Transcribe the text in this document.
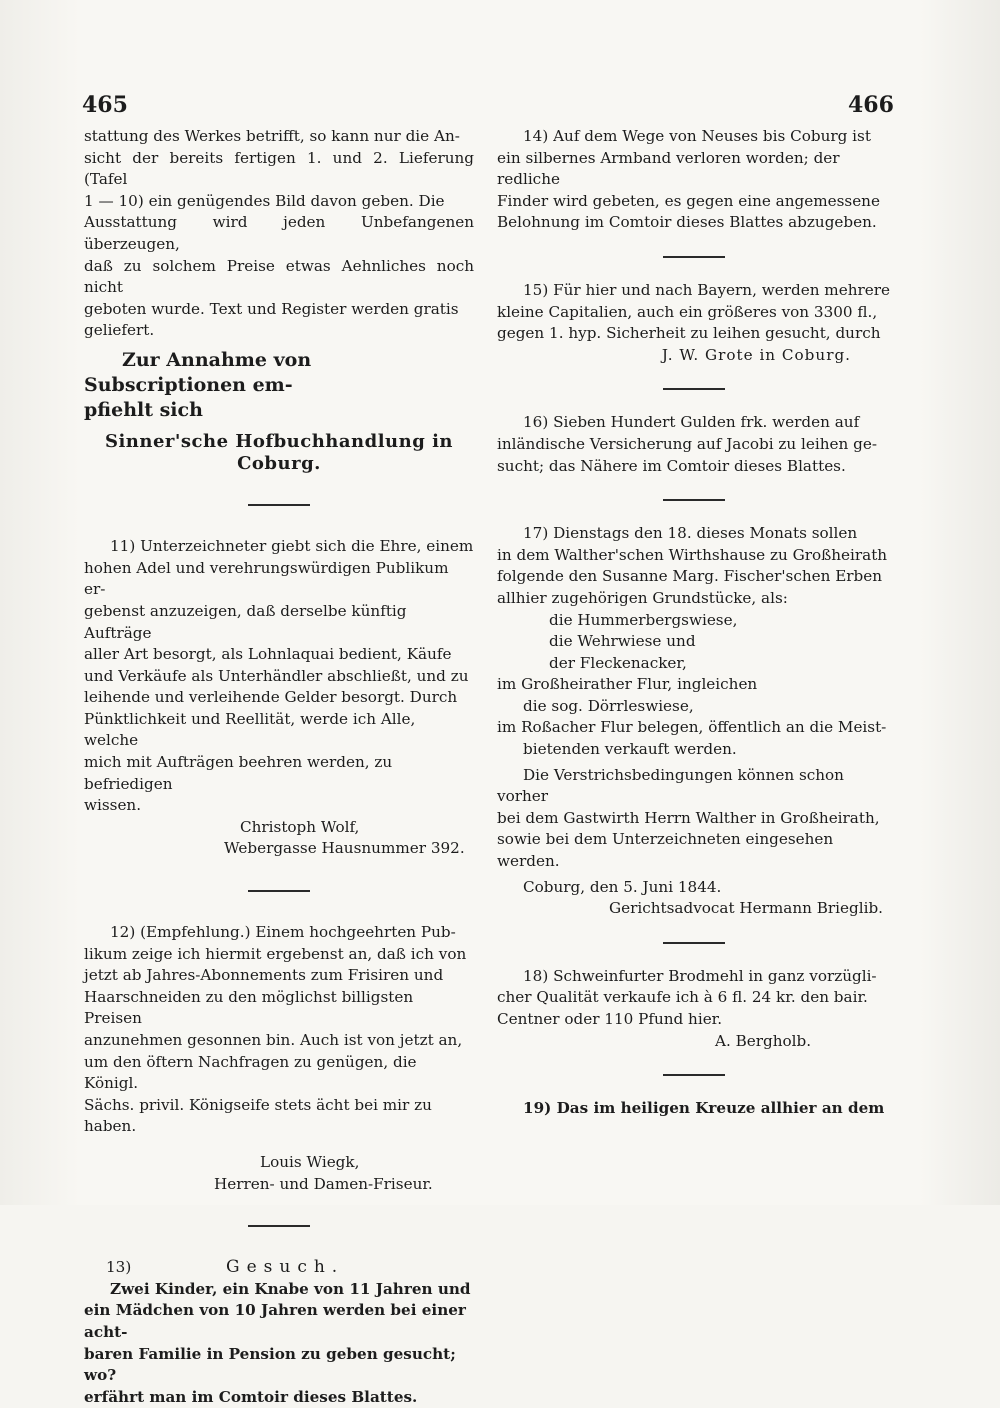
465	466
stattung des Werkes betrifft, so kann nur die An-
sicht der bereits fertigen 1. und 2. Lieferung (Tafel
1 — 10) ein genügendes Bild davon geben. Die
Ausstattung wird jeden Unbefangenen überzeugen,
daß zu solchem Preise etwas Aehnliches noch nicht
geboten wurde. Text und Register werden gratis
geliefert.
Zur Annahme von Subscriptionen em-
pfiehlt sich
Sinner'sche Hofbuchhandlung in Coburg.
11) Unterzeichneter giebt sich die Ehre, einem
hohen Adel und verehrungswürdigen Publikum er-
gebenst anzuzeigen, daß derselbe künftig Aufträge
aller Art besorgt, als Lohnlaquai bedient, Käufe
und Verkäufe als Unterhändler abschließt, und zu
leihende und verleihende Gelder besorgt. Durch
Pünktlichkeit und Reellität, werde ich Alle, welche
mich mit Aufträgen beehren werden, zu befriedigen
wissen.
Christoph Wolf,
Webergasse Hausnummer 392.
12) (Empfehlung.) Einem hochgeehrten Pub-
likum zeige ich hiermit ergebenst an, daß ich von
jetzt ab Jahres-Abonnements zum Frisiren und
Haarschneiden zu den möglichst billigsten Preisen
anzunehmen gesonnen bin. Auch ist von jetzt an,
um den öftern Nachfragen zu genügen, die Königl.
Sächs. privil. Königseife stets ächt bei mir zu
haben.
Louis Wiegk,
Herren- und Damen-Friseur.
13)	Gesuch.
Zwei Kinder, ein Knabe von 11 Jahren und
ein Mädchen von 10 Jahren werden bei einer acht-
baren Familie in Pension zu geben gesucht; wo?
erfährt man im Comtoir dieses Blattes.
14) Auf dem Wege von Neuses bis Coburg ist
ein silbernes Armband verloren worden; der redliche
Finder wird gebeten, es gegen eine angemessene
Belohnung im Comtoir dieses Blattes abzugeben.
15) Für hier und nach Bayern, werden mehrere
kleine Capitalien, auch ein größeres von 3300 fl.,
gegen 1. hyp. Sicherheit zu leihen gesucht, durch
J. W. Grote in Coburg.
16) Sieben Hundert Gulden frk. werden auf
inländische Versicherung auf Jacobi zu leihen ge-
sucht; das Nähere im Comtoir dieses Blattes.
17) Dienstags den 18. dieses Monats sollen
in dem Walther'schen Wirthshause zu Großheirath
folgende den Susanne Marg. Fischer'schen Erben
allhier zugehörigen Grundstücke, als:
die Hummerbergswiese,
die Wehrwiese und
der Fleckenacker,
im Großheirather Flur, ingleichen
die sog. Dörrleswiese,
im Roßacher Flur belegen, öffentlich an die Meist-
bietenden verkauft werden.
Die Verstrichsbedingungen können schon vorher
bei dem Gastwirth Herrn Walther in Großheirath,
sowie bei dem Unterzeichneten eingesehen werden.
Coburg, den 5. Juni 1844.
Gerichtsadvocat Hermann Brieglib.
18) Schweinfurter Brodmehl in ganz vorzügli-
cher Qualität verkaufe ich à 6 fl. 24 kr. den bair.
Centner oder 110 Pfund hier.
A. Bergholb.
19) Das im heiligen Kreuze allhier an dem
